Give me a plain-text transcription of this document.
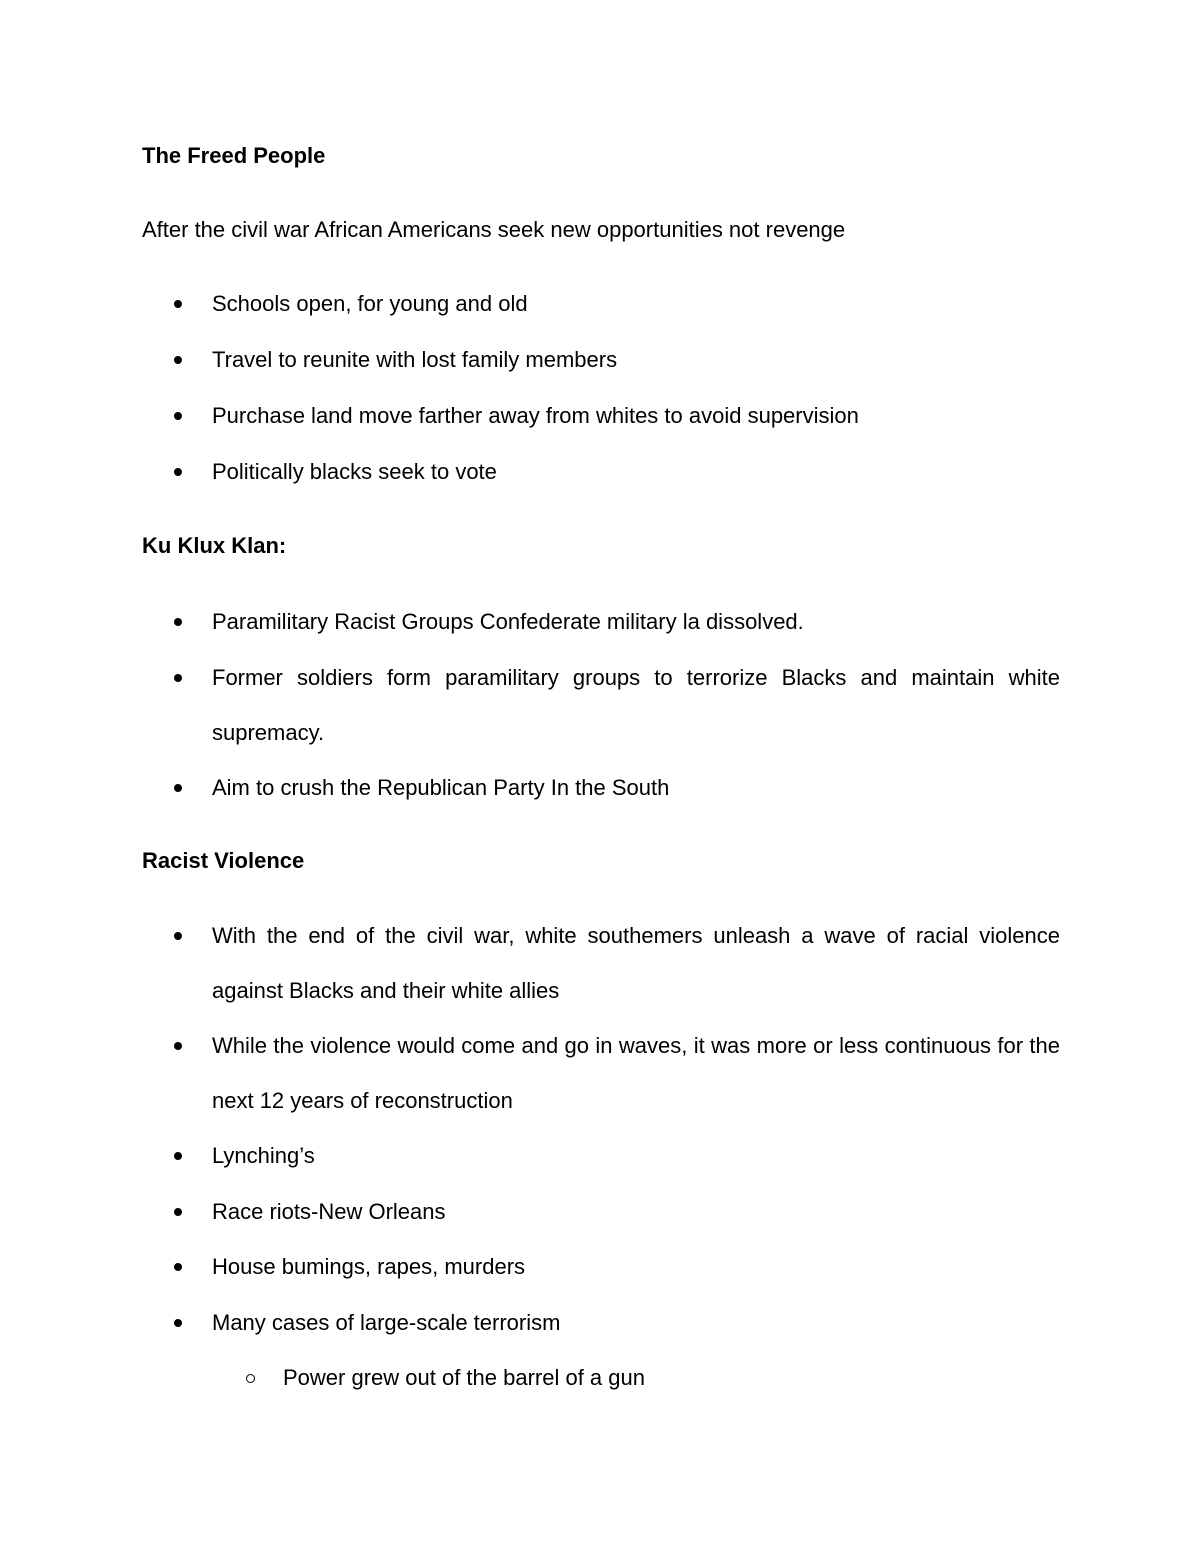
The Freed People
After the civil war African Americans seek new opportunities not revenge
Schools open, for young and old
Travel to reunite with lost family members
Purchase land move farther away from whites to avoid supervision
Politically blacks seek to vote
Ku Klux Klan:
Paramilitary Racist Groups Confederate military la dissolved.
Former soldiers form paramilitary groups to terrorize Blacks and maintain white supremacy.
Aim to crush the Republican Party In the South
Racist Violence
With the end of the civil war, white southemers unleash a wave of racial violence against Blacks and their white allies
While the violence would come and go in waves, it was more or less continuous for the next 12 years of reconstruction
Lynching’s
Race riots-New Orleans
House bumings, rapes, murders
Many cases of large-scale terrorism
Power grew out of the barrel of a gun
